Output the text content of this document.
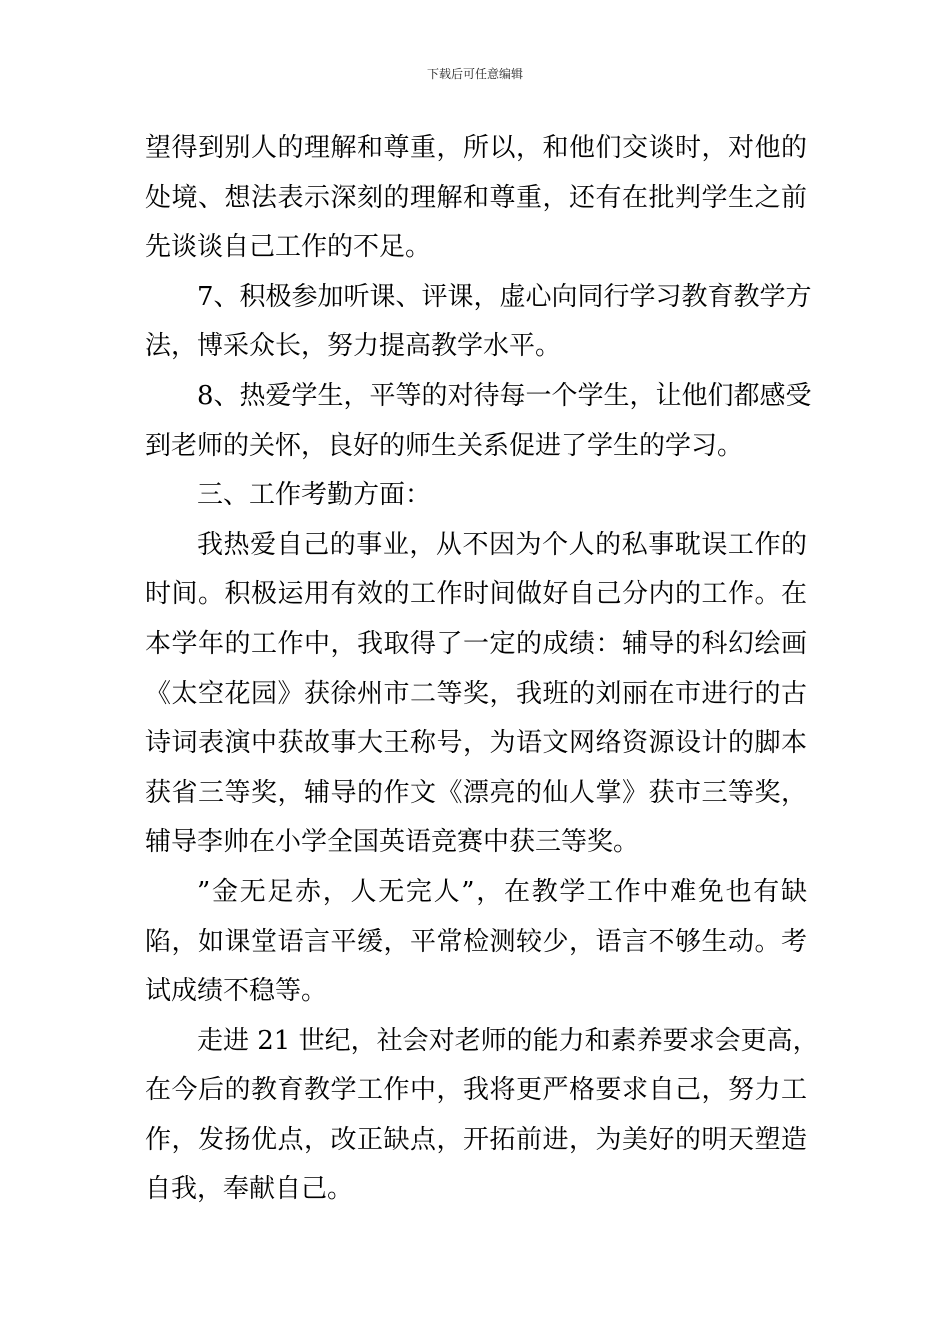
下载后可任意编辑
望得到别人的理解和尊重，所以，和他们交谈时，对他的
处境、想法表示深刻的理解和尊重，还有在批判学生之前
先谈谈自己工作的不足。
7、积极参加听课、评课，虚心向同行学习教育教学方
法，博采众长，努力提高教学水平。
8、热爱学生，平等的对待每一个学生，让他们都感受
到老师的关怀，良好的师生关系促进了学生的学习。
三、工作考勤方面：
我热爱自己的事业，从不因为个人的私事耽误工作的
时间。积极运用有效的工作时间做好自己分内的工作。在
本学年的工作中，我取得了一定的成绩：辅导的科幻绘画
《太空花园》获徐州市二等奖，我班的刘丽在市进行的古
诗词表演中获故事大王称号，为语文网络资源设计的脚本
获省三等奖，辅导的作文《漂亮的仙人掌》获市三等奖，
辅导李帅在小学全国英语竞赛中获三等奖。
”金无足赤，人无完人”，在教学工作中难免也有缺
陷，如课堂语言平缓，平常检测较少，语言不够生动。考
试成绩不稳等。
走进 21 世纪，社会对老师的能力和素养要求会更高，
在今后的教育教学工作中，我将更严格要求自己，努力工
作，发扬优点，改正缺点，开拓前进，为美好的明天塑造
自我，奉献自己。
